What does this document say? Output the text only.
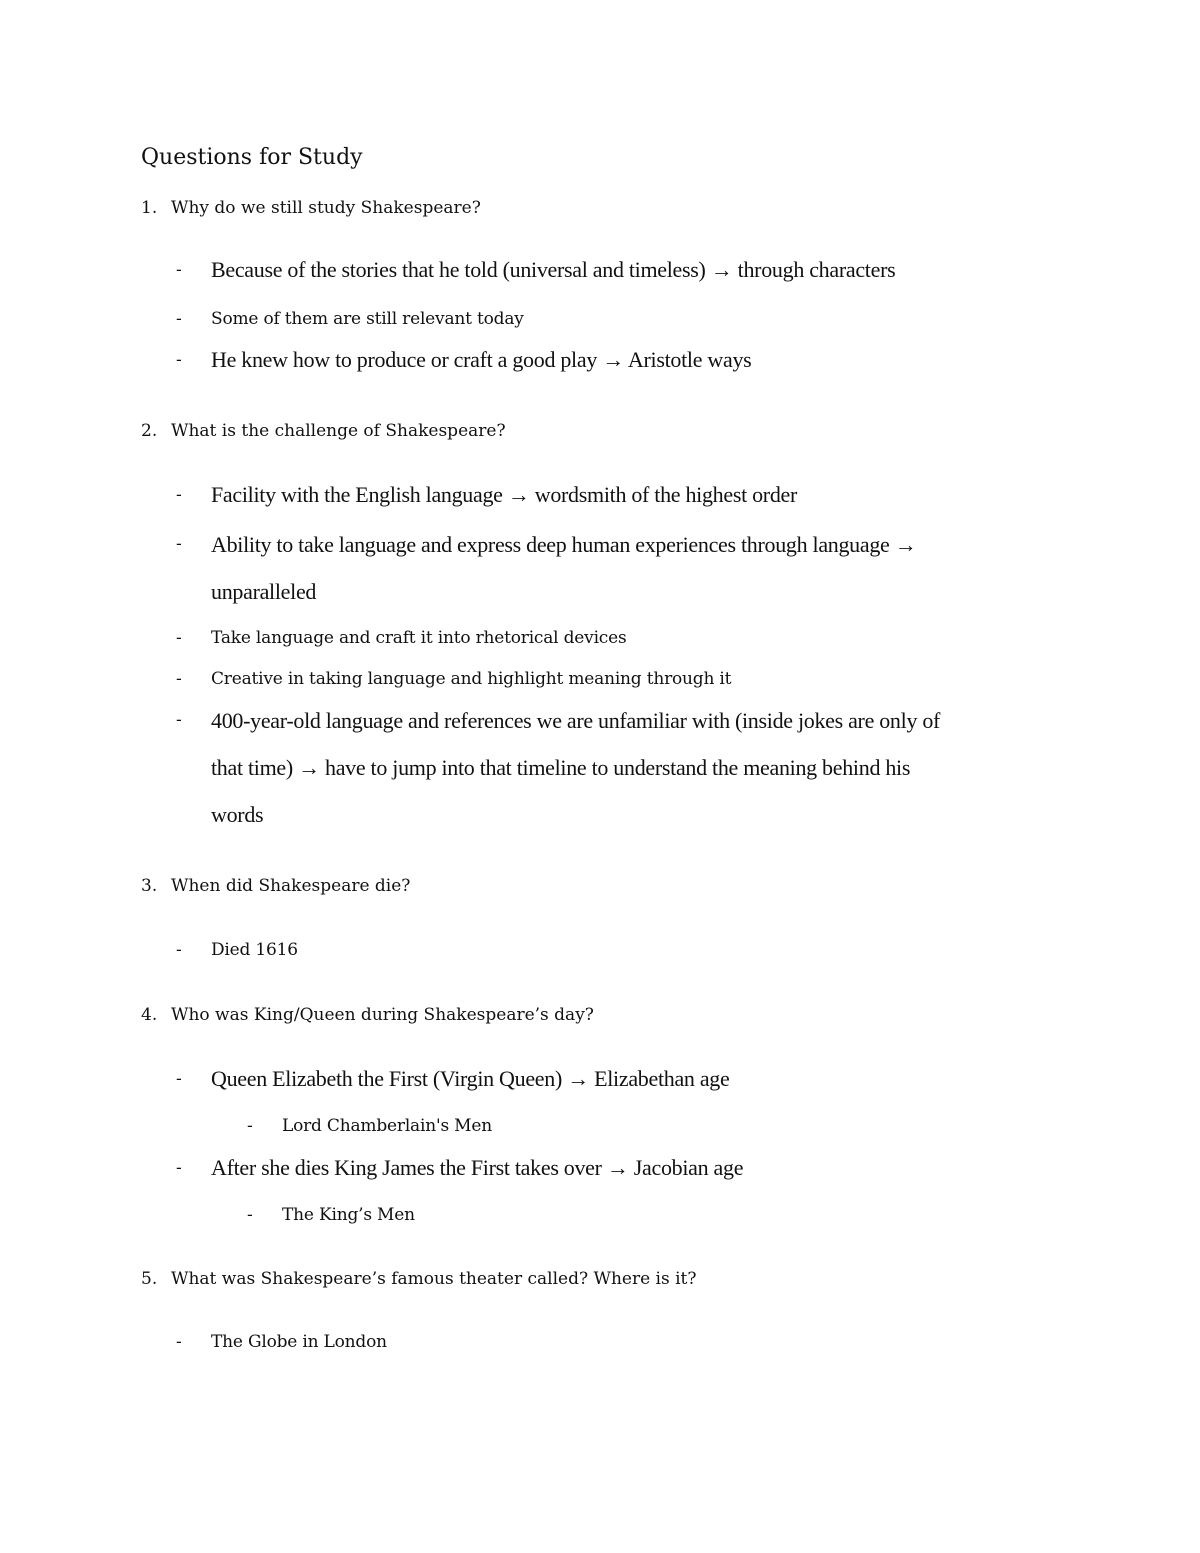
Questions for Study
1. Why do we still study Shakespeare?
- Because of the stories that he told (universal and timeless) → through characters
- Some of them are still relevant today
- He knew how to produce or craft a good play → Aristotle ways
2. What is the challenge of Shakespeare?
- Facility with the English language → wordsmith of the highest order
- Ability to take language and express deep human experiences through language →
unparalleled
- Take language and craft it into rhetorical devices
- Creative in taking language and highlight meaning through it
- 400-year-old language and references we are unfamiliar with (inside jokes are only of
that time) → have to jump into that timeline to understand the meaning behind his
words
3. When did Shakespeare die?
- Died 1616
4. Who was King/Queen during Shakespeare’s day?
- Queen Elizabeth the First (Virgin Queen) → Elizabethan age
- Lord Chamberlain's Men
- After she dies King James the First takes over → Jacobian age
- The King’s Men
5. What was Shakespeare’s famous theater called? Where is it?
- The Globe in London
